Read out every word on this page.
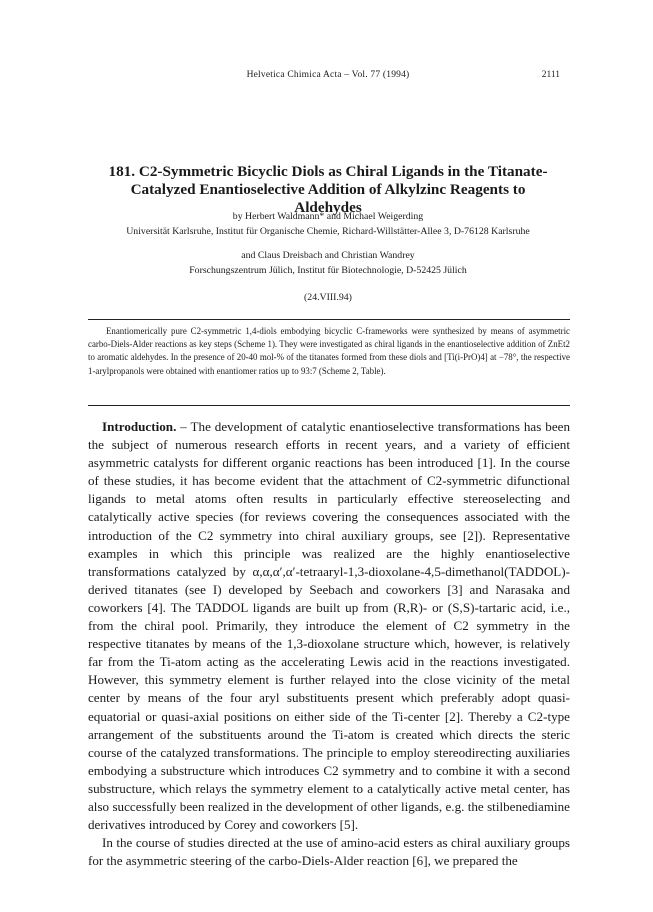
Helvetica Chimica Acta – Vol. 77 (1994)	2111
181. C2-Symmetric Bicyclic Diols as Chiral Ligands in the Titanate-Catalyzed Enantioselective Addition of Alkylzinc Reagents to Aldehydes
by Herbert Waldmann* and Michael Weigerding
Universität Karlsruhe, Institut für Organische Chemie, Richard-Willstätter-Allee 3, D-76128 Karlsruhe
and Claus Dreisbach and Christian Wandrey
Forschungszentrum Jülich, Institut für Biotechnologie, D-52425 Jülich
(24.VIII.94)
Enantiomerically pure C2-symmetric 1,4-diols embodying bicyclic C-frameworks were synthesized by means of asymmetric carbo-Diels-Alder reactions as key steps (Scheme 1). They were investigated as chiral ligands in the enantioselective addition of ZnEt2 to aromatic aldehydes. In the presence of 20-40 mol-% of the titanates formed from these diols and [Ti(i-PrO)4] at −78°, the respective 1-arylpropanols were obtained with enantiomer ratios up to 93:7 (Scheme 2, Table).

Introduction. – The development of catalytic enantioselective transformations has been the subject of numerous research efforts in recent years, and a variety of efficient asymmetric catalysts for different organic reactions has been introduced [1]. In the course of these studies, it has become evident that the attachment of C2-symmetric difunctional ligands to metal atoms often results in particularly effective stereoselecting and catalytically active species (for reviews covering the consequences associated with the introduction of the C2 symmetry into chiral auxiliary groups, see [2]). Representative examples in which this principle was realized are the highly enantioselective transformations catalyzed by α,α,α′,α′-tetraaryl-1,3-dioxolane-4,5-dimethanol(TADDOL)-derived titanates (see I) developed by Seebach and coworkers [3] and Narasaka and coworkers [4]. The TADDOL ligands are built up from (R,R)- or (S,S)-tartaric acid, i.e., from the chiral pool. Primarily, they introduce the element of C2 symmetry in the respective titanates by means of the 1,3-dioxolane structure which, however, is relatively far from the Ti-atom acting as the accelerating Lewis acid in the reactions investigated. However, this symmetry element is further relayed into the close vicinity of the metal center by means of the four aryl substituents present which preferably adopt quasi-equatorial or quasi-axial positions on either side of the Ti-center [2]. Thereby a C2-type arrangement of the substituents around the Ti-atom is created which directs the steric course of the catalyzed transformations. The principle to employ stereodirecting auxiliaries embodying a substructure which introduces C2 symmetry and to combine it with a second substructure, which relays the symmetry element to a catalytically active metal center, has also successfully been realized in the development of other ligands, e.g. the stilbenediamine derivatives introduced by Corey and coworkers [5].

In the course of studies directed at the use of amino-acid esters as chiral auxiliary groups for the asymmetric steering of the carbo-Diels-Alder reaction [6], we prepared the
